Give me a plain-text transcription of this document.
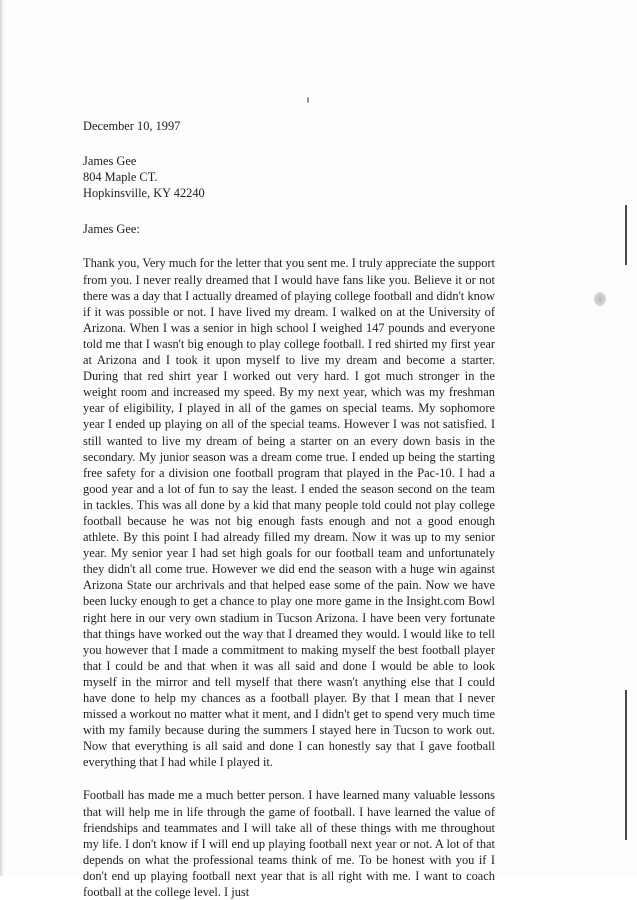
December 10, 1997
James Gee
804 Maple CT.
Hopkinsville, KY 42240
James Gee:

Thank you, Very much for the letter that you sent me. I truly appreciate the support from you. I never really dreamed that I would have fans like you. Believe it or not there was a day that I actually dreamed of playing college football and didn't know if it was possible or not. I have lived my dream. I walked on at the University of Arizona. When I was a senior in high school I weighed 147 pounds and everyone told me that I wasn't big enough to play college football. I red shirted my first year at Arizona and I took it upon myself to live my dream and become a starter. During that red shirt year I worked out very hard. I got much stronger in the weight room and increased my speed. By my next year, which was my freshman year of eligibility, I played in all of the games on special teams. My sophomore year I ended up playing on all of the special teams. However I was not satisfied. I still wanted to live my dream of being a starter on an every down basis in the secondary. My junior season was a dream come true. I ended up being the starting free safety for a division one football program that played in the Pac-10. I had a good year and a lot of fun to say the least. I ended the season second on the team in tackles. This was all done by a kid that many people told could not play college football because he was not big enough fasts enough and not a good enough athlete. By this point I had already filled my dream. Now it was up to my senior year. My senior year I had set high goals for our football team and unfortunately they didn't all come true. However we did end the season with a huge win against Arizona State our archrivals and that helped ease some of the pain. Now we have been lucky enough to get a chance to play one more game in the Insight.com Bowl right here in our very own stadium in Tucson Arizona. I have been very fortunate that things have worked out the way that I dreamed they would. I would like to tell you however that I made a commitment to making myself the best football player that I could be and that when it was all said and done I would be able to look myself in the mirror and tell myself that there wasn't anything else that I could have done to help my chances as a football player. By that I mean that I never missed a workout no matter what it ment, and I didn't get to spend very much time with my family because during the summers I stayed here in Tucson to work out. Now that everything is all said and done I can honestly say that I gave football everything that I had while I played it.

Football has made me a much better person. I have learned many valuable lessons that will help me in life through the game of football. I have learned the value of friendships and teammates and I will take all of these things with me throughout my life. I don't know if I will end up playing football next year or not. A lot of that depends on what the professional teams think of me. To be honest with you if I don't end up playing football next year that is all right with me. I want to coach football at the college level. I just
